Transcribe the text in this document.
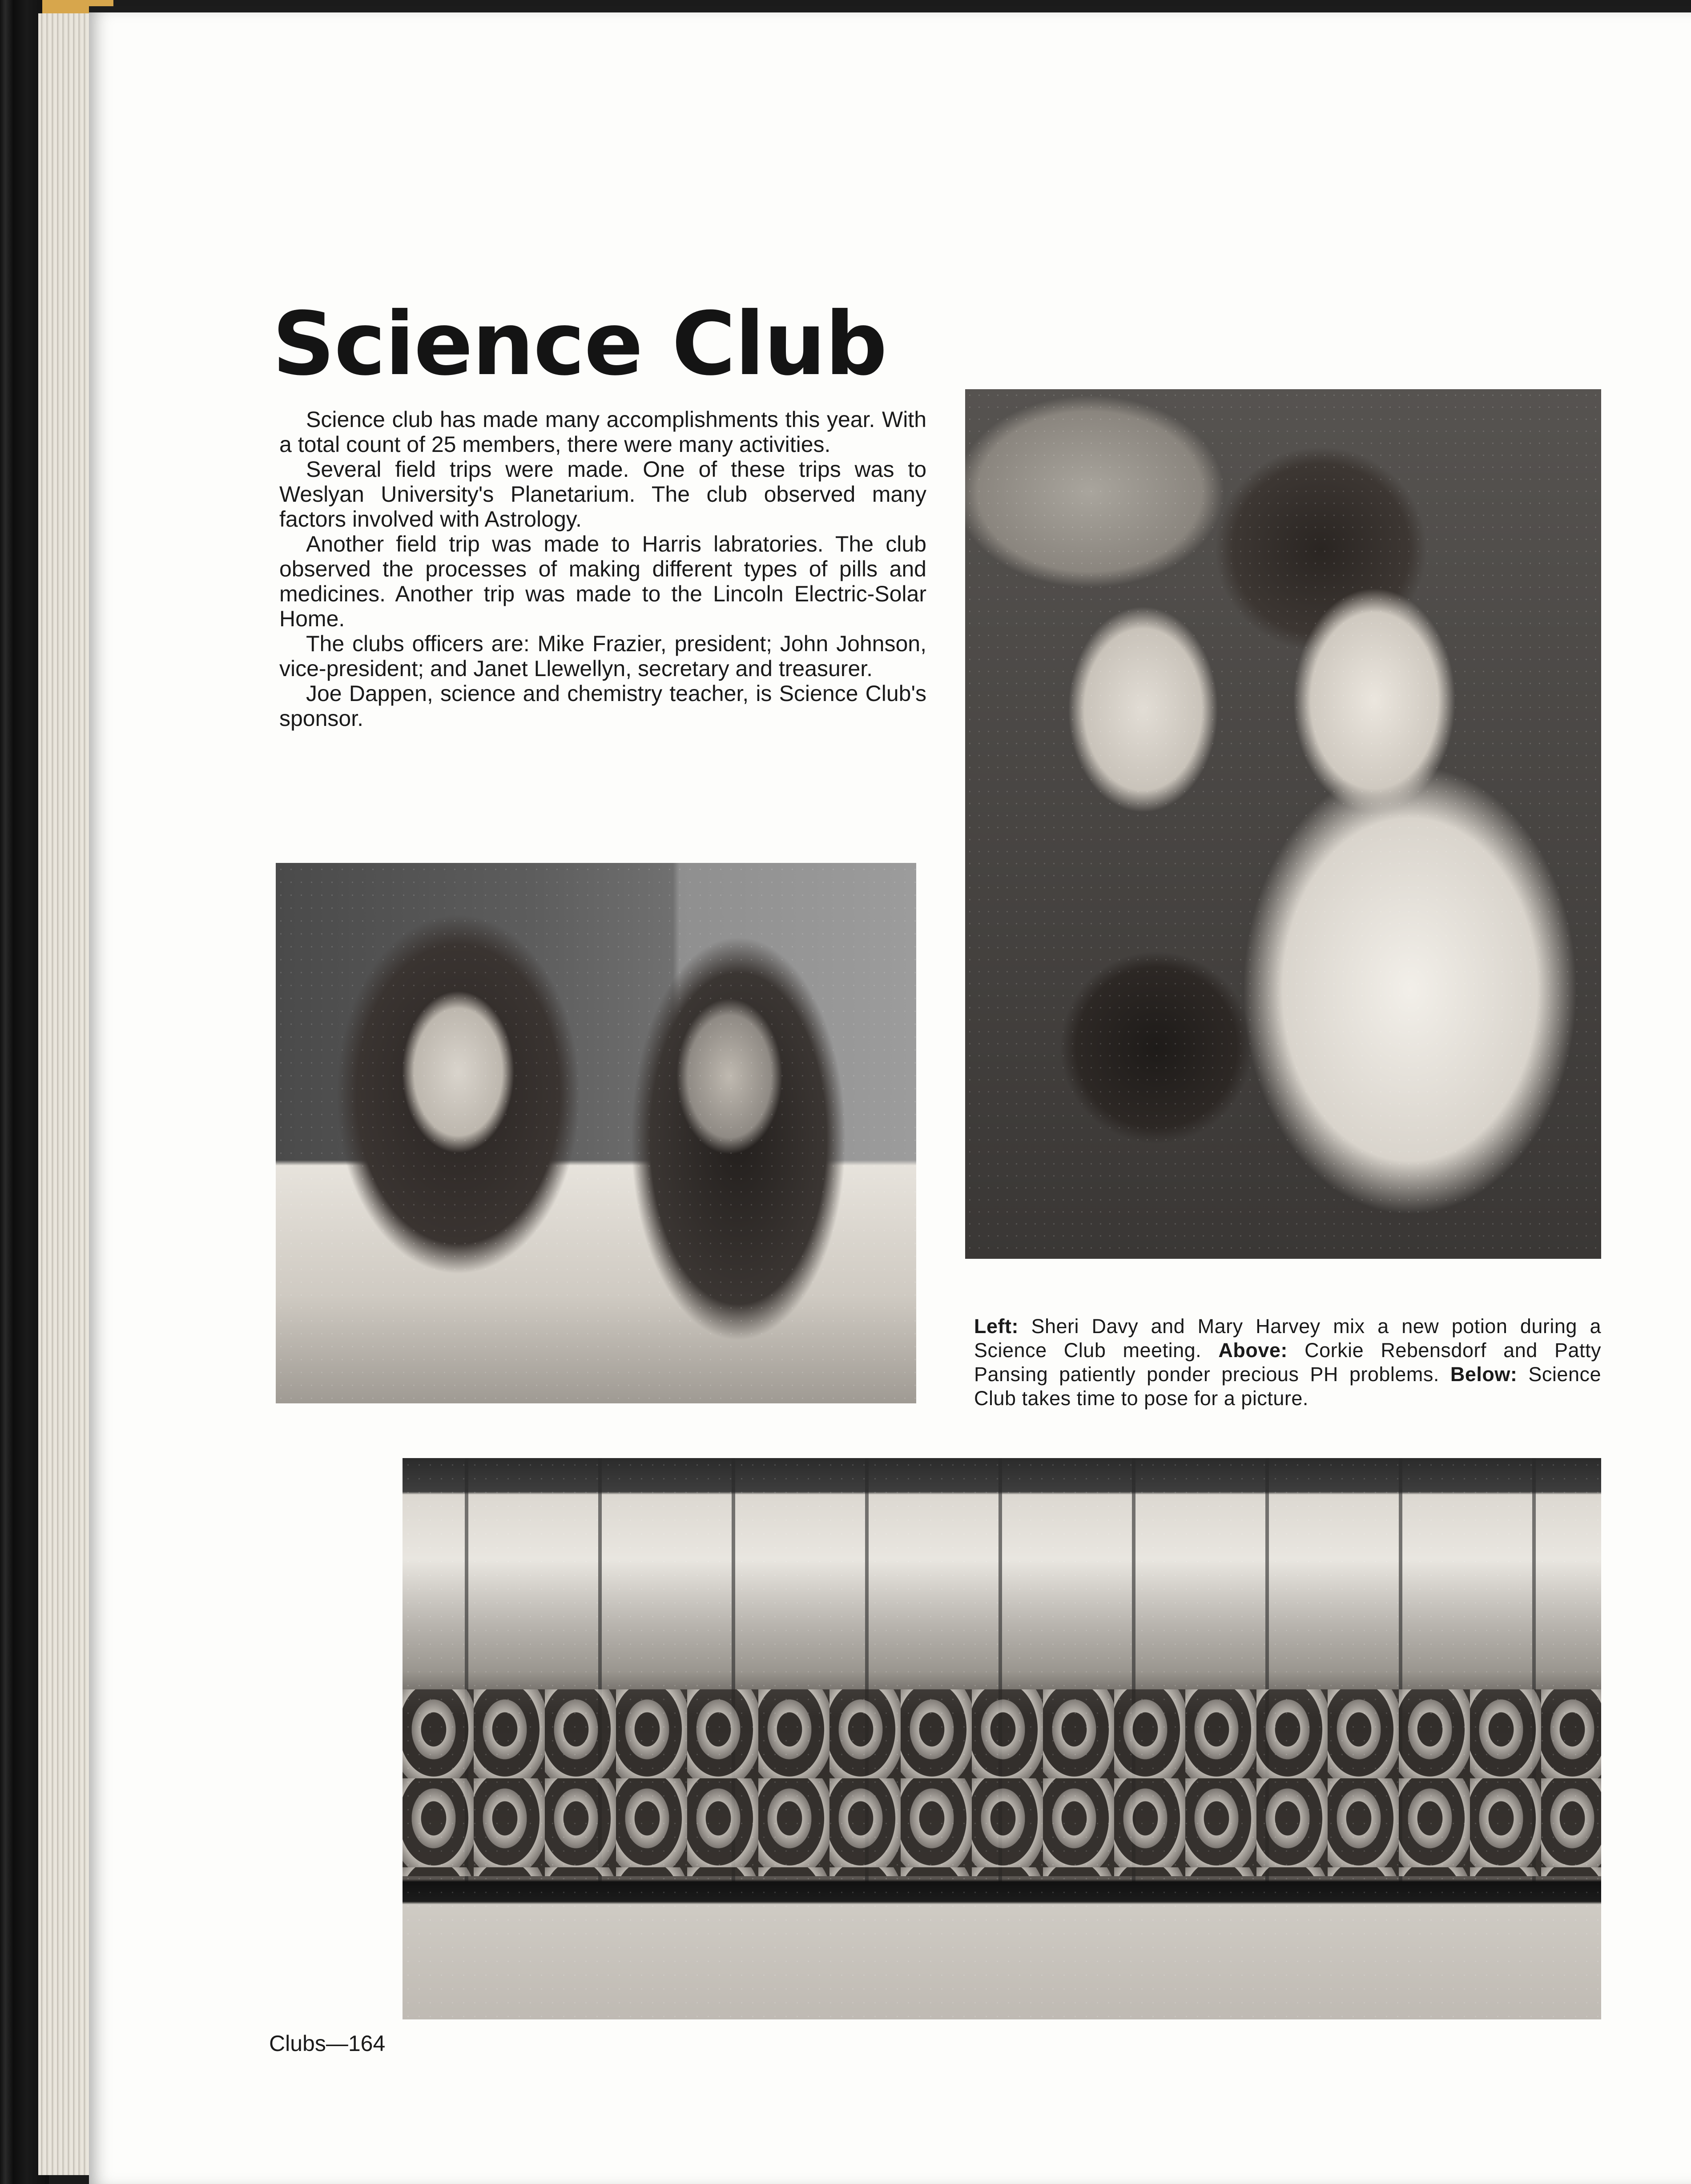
Science Club

Science club has made many accomplishments this year. With a total count of 25 members, there were many activities.

Several field trips were made. One of these trips was to Weslyan University's Planetarium. The club observed many factors involved with Astrology.

Another field trip was made to Harris labratories. The club observed the processes of making different types of pills and medicines. Another trip was made to the Lincoln Electric-Solar Home.

The clubs officers are: Mike Frazier, president; John Johnson, vice-president; and Janet Llewellyn, secretary and treasurer.

Joe Dappen, science and chemistry teacher, is Science Club's sponsor.

Left: Sheri Davy and Mary Harvey mix a new potion during a Science Club meeting. Above: Corkie Rebensdorf and Patty Pansing patiently ponder precious PH problems. Below: Science Club takes time to pose for a picture.
Clubs—164
